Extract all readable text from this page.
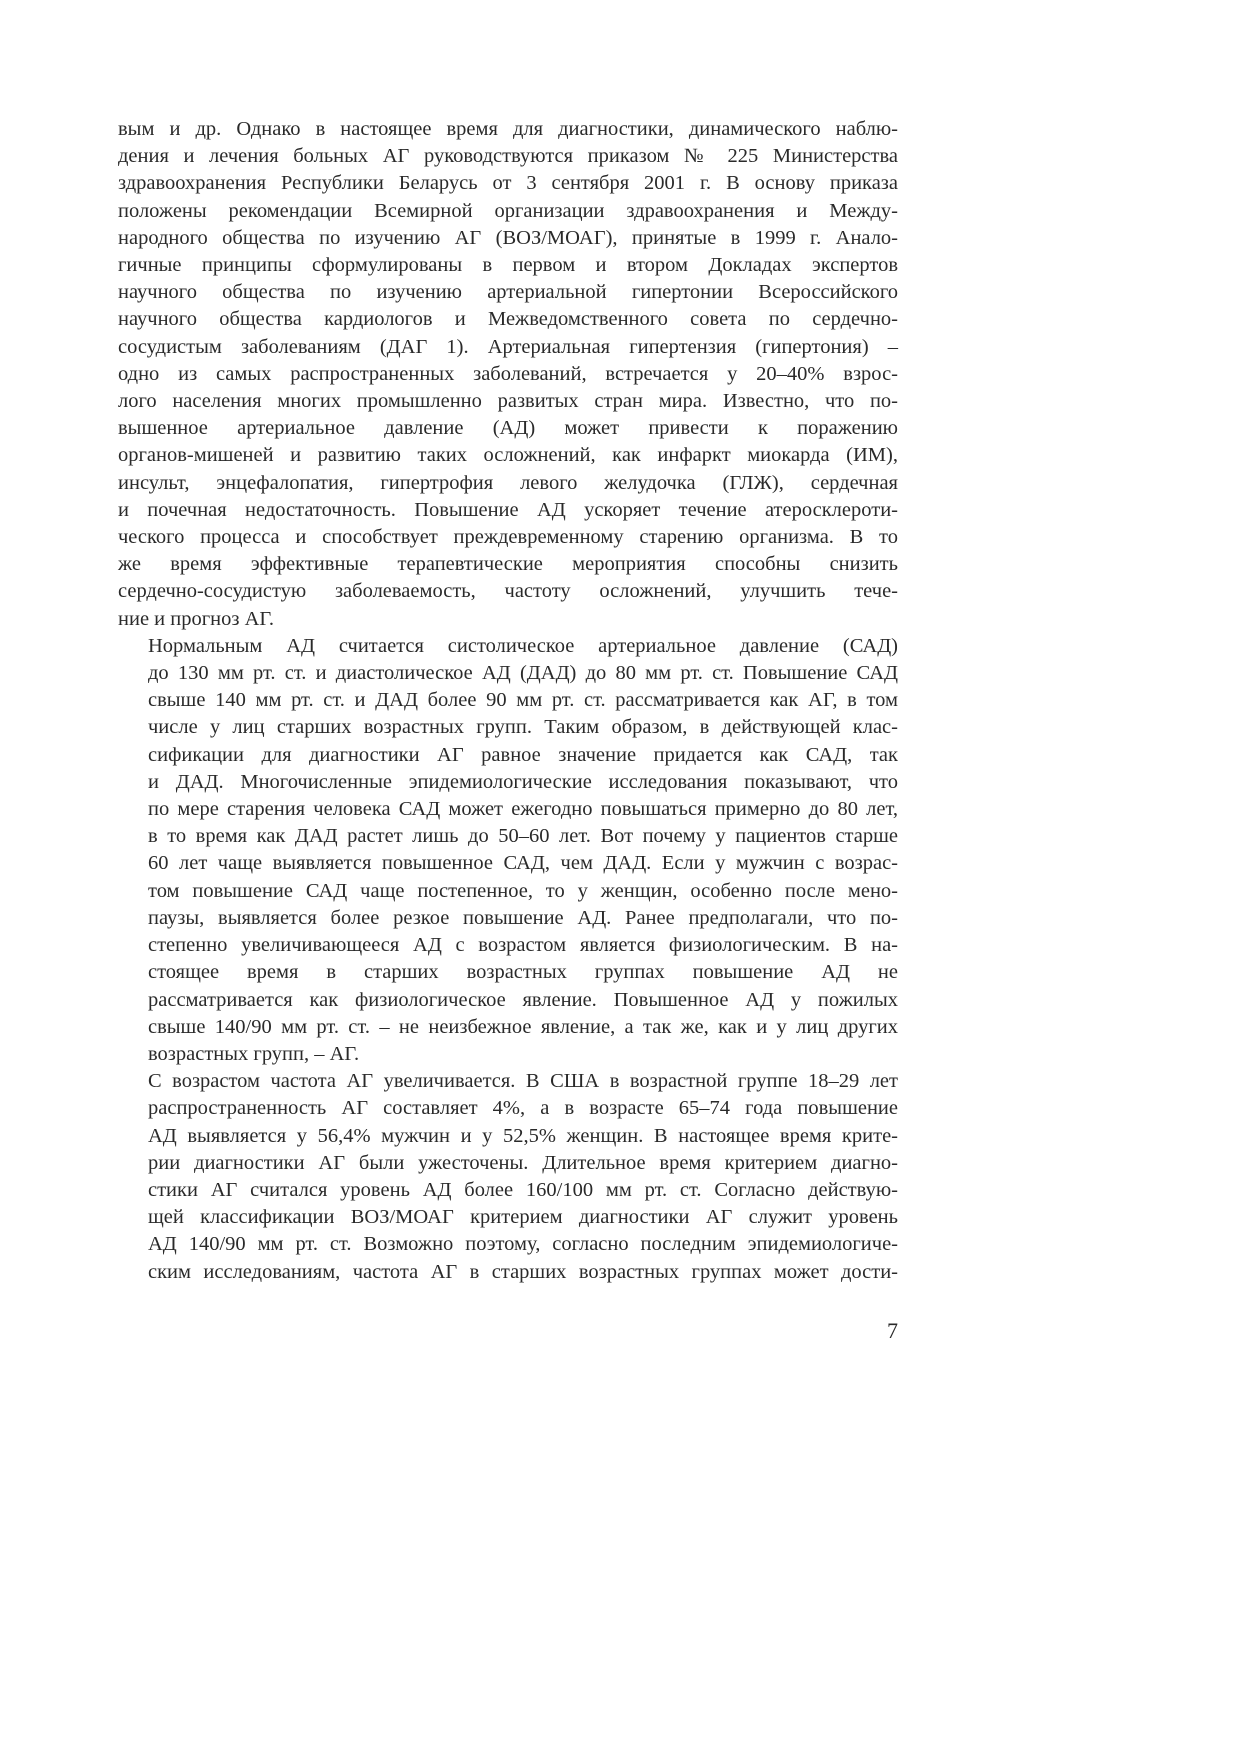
вым и др. Однако в настоящее время для диагностики, динамического наблю-
дения и лечения больных АГ руководствуются приказом № 225 Министерства
здравоохранения Республики Беларусь от 3 сентября 2001 г. В основу приказа
положены рекомендации Всемирной организации здравоохранения и Между-
народного общества по изучению АГ (ВОЗ/МОАГ), принятые в 1999 г. Анало-
гичные принципы сформулированы в первом и втором Докладах экспертов
научного общества по изучению артериальной гипертонии Всероссийского
научного общества кардиологов и Межведомственного совета по сердечно-
сосудистым заболеваниям (ДАГ 1). Артериальная гипертензия (гипертония) –
одно из самых распространенных заболеваний, встречается у 20–40% взрос-
лого населения многих промышленно развитых стран мира. Известно, что по-
вышенное артериальное давление (АД) может привести к поражению
органов-мишеней и развитию таких осложнений, как инфаркт миокарда (ИМ),
инсульт, энцефалопатия, гипертрофия левого желудочка (ГЛЖ), сердечная
и почечная недостаточность. Повышение АД ускоряет течение атеросклероти-
ческого процесса и способствует преждевременному старению организма. В то
же время эффективные терапевтические мероприятия способны снизить
сердечно-сосудистую заболеваемость, частоту осложнений, улучшить тече-
ние и прогноз АГ.

Нормальным АД считается систолическое артериальное давление (САД)
до 130 мм рт. ст. и диастолическое АД (ДАД) до 80 мм рт. ст. Повышение САД
свыше 140 мм рт. ст. и ДАД более 90 мм рт. ст. рассматривается как АГ, в том
числе у лиц старших возрастных групп. Таким образом, в действующей клас-
сификации для диагностики АГ равное значение придается как САД, так
и ДАД. Многочисленные эпидемиологические исследования показывают, что
по мере старения человека САД может ежегодно повышаться примерно до 80 лет,
в то время как ДАД растет лишь до 50–60 лет. Вот почему у пациентов старше
60 лет чаще выявляется повышенное САД, чем ДАД. Если у мужчин с возрас-
том повышение САД чаще постепенное, то у женщин, особенно после мено-
паузы, выявляется более резкое повышение АД. Ранее предполагали, что по-
степенно увеличивающееся АД с возрастом является физиологическим. В на-
стоящее время в старших возрастных группах повышение АД не
рассматривается как физиологическое явление. Повышенное АД у пожилых
свыше 140/90 мм рт. ст. – не неизбежное явление, а так же, как и у лиц других
возрастных групп, – АГ.

С возрастом частота АГ увеличивается. В США в возрастной группе 18–29 лет
распространенность АГ составляет 4%, а в возрасте 65–74 года повышение
АД выявляется у 56,4% мужчин и у 52,5% женщин. В настоящее время крите-
рии диагностики АГ были ужесточены. Длительное время критерием диагно-
стики АГ считался уровень АД более 160/100 мм рт. ст. Согласно действую-
щей классификации ВОЗ/МОАГ критерием диагностики АГ служит уровень
АД 140/90 мм рт. ст. Возможно поэтому, согласно последним эпидемиологиче-
ским исследованиям, частота АГ в старших возрастных группах может дости-

7
